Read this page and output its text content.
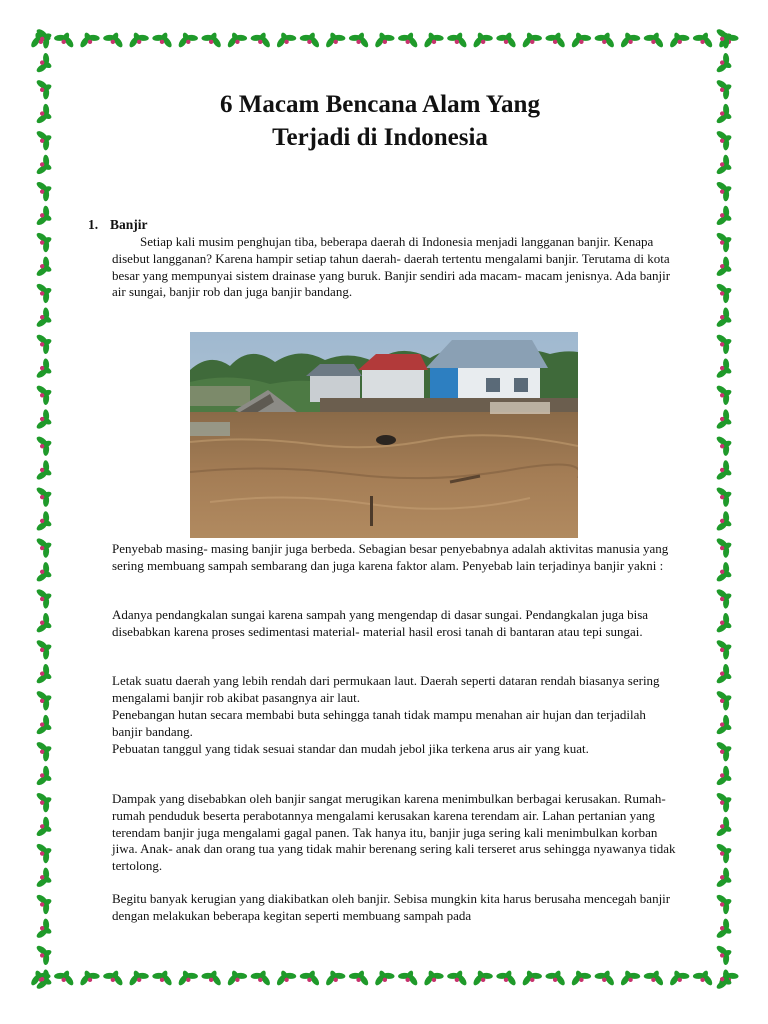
6 Macam Bencana Alam Yang
Terjadi di Indonesia
1. Banjir

Setiap kali musim penghujan tiba, beberapa daerah di Indonesia menjadi langganan banjir. Kenapa disebut langganan? Karena hampir setiap tahun daerah- daerah tertentu mengalami banjir. Terutama di kota besar yang mempunyai sistem drainase yang buruk. Banjir sendiri ada macam- macam jenisnya. Ada banjir air sungai, banjir rob dan juga banjir bandang.

Penyebab masing- masing banjir juga berbeda. Sebagian besar penyebabnya adalah aktivitas manusia yang sering membuang sampah sembarang dan juga karena faktor alam. Penyebab lain terjadinya banjir yakni :

Adanya pendangkalan sungai karena sampah yang mengendap di dasar sungai. Pendangkalan juga bisa disebabkan karena proses sedimentasi material- material hasil erosi tanah di bantaran atau tepi sungai.

Letak suatu daerah yang lebih rendah dari permukaan laut. Daerah seperti dataran rendah biasanya sering mengalami banjir rob akibat pasangnya air laut.

Penebangan hutan secara membabi buta sehingga tanah tidak mampu menahan air hujan dan terjadilah banjir bandang.

Pebuatan tanggul yang tidak sesuai standar dan mudah jebol jika terkena arus air yang kuat.

Dampak yang disebabkan oleh banjir sangat merugikan karena menimbulkan berbagai kerusakan. Rumah- rumah penduduk beserta perabotannya mengalami kerusakan karena terendam air. Lahan pertanian yang terendam banjir juga mengalami gagal panen. Tak hanya itu, banjir juga sering kali menimbulkan korban jiwa. Anak- anak dan orang tua yang tidak mahir berenang sering kali terseret arus sehingga nyawanya tidak tertolong.

Begitu banyak kerugian yang diakibatkan oleh banjir. Sebisa mungkin kita harus berusaha mencegah banjir dengan melakukan beberapa kegitan seperti membuang sampah pada
